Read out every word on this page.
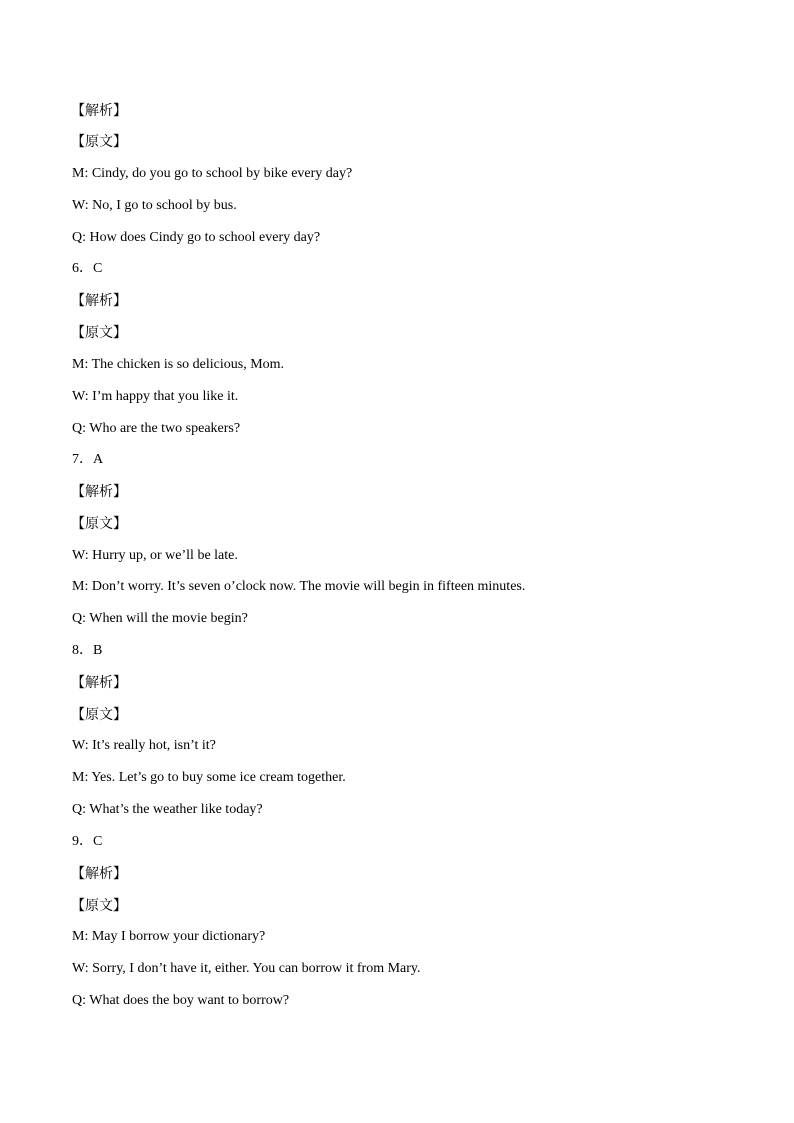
【解析】
【原文】
M: Cindy, do you go to school by bike every day?
W: No, I go to school by bus.
Q: How does Cindy go to school every day?
6．C
【解析】
【原文】
M: The chicken is so delicious, Mom.
W: I’m happy that you like it.
Q: Who are the two speakers?
7．A
【解析】
【原文】
W: Hurry up, or we’ll be late.
M: Don’t worry. It’s seven o’clock now. The movie will begin in fifteen minutes.
Q: When will the movie begin?
8．B
【解析】
【原文】
W: It’s really hot, isn’t it?
M: Yes. Let’s go to buy some ice cream together.
Q: What’s the weather like today?
9．C
【解析】
【原文】
M: May I borrow your dictionary?
W: Sorry, I don’t have it, either. You can borrow it from Mary.
Q: What does the boy want to borrow?
